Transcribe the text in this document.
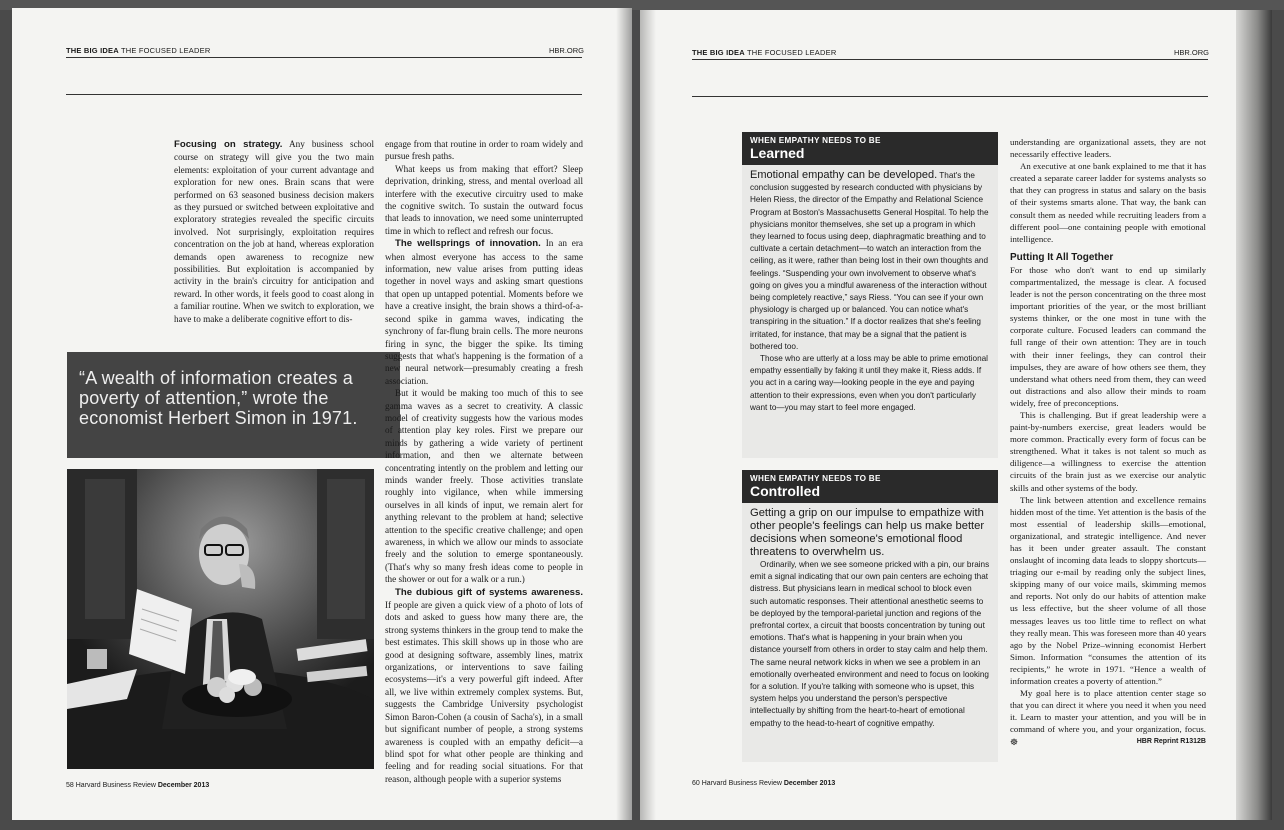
THE BIG IDEA THE FOCUSED LEADER	HBR.ORG

Focusing on strategy. Any business school course on strategy will give you the two main elements: exploitation of your current advantage and exploration for new ones. Brain scans that were performed on 63 seasoned business decision makers as they pursued or switched between exploitative and exploratory strategies revealed the specific circuits involved. Not surprisingly, exploitation requires concentration on the job at hand, whereas exploration demands open awareness to recognize new possibilities. But exploitation is accompanied by activity in the brain's circuitry for anticipation and reward. In other words, it feels good to coast along in a familiar routine. When we switch to exploration, we have to make a deliberate cognitive effort to dis-

“A wealth of information creates a poverty of attention,” wrote the economist Herbert Simon in 1971.

engage from that routine in order to roam widely and pursue fresh paths.

What keeps us from making that effort? Sleep deprivation, drinking, stress, and mental overload all interfere with the executive circuitry used to make the cognitive switch. To sustain the outward focus that leads to innovation, we need some uninterrupted time in which to reflect and refresh our focus.

The wellsprings of innovation. In an era when almost everyone has access to the same information, new value arises from putting ideas together in novel ways and asking smart questions that open up untapped potential. Moments before we have a creative insight, the brain shows a third-of-a-second spike in gamma waves, indicating the synchrony of far-flung brain cells. The more neurons firing in sync, the bigger the spike. Its timing suggests that what's happening is the formation of a new neural network—presumably creating a fresh association.

But it would be making too much of this to see gamma waves as a secret to creativity. A classic model of creativity suggests how the various modes of attention play key roles. First we prepare our minds by gathering a wide variety of pertinent information, and then we alternate between concentrating intently on the problem and letting our minds wander freely. Those activities translate roughly into vigilance, when while immersing ourselves in all kinds of input, we remain alert for anything relevant to the problem at hand; selective attention to the specific creative challenge; and open awareness, in which we allow our minds to associate freely and the solution to emerge spontaneously. (That's why so many fresh ideas come to people in the shower or out for a walk or a run.)

The dubious gift of systems awareness. If people are given a quick view of a photo of lots of dots and asked to guess how many there are, the strong systems thinkers in the group tend to make the best estimates. This skill shows up in those who are good at designing software, assembly lines, matrix organizations, or interventions to save failing ecosystems—it's a very powerful gift indeed. After all, we live within extremely complex systems. But, suggests the Cambridge University psychologist Simon Baron-Cohen (a cousin of Sacha's), in a small but significant number of people, a strong systems awareness is coupled with an empathy deficit—a blind spot for what other people are thinking and feeling and for reading social situations. For that reason, although people with a superior systems

58 Harvard Business Review December 2013
THE BIG IDEA THE FOCUSED LEADER	HBR.ORG
WHEN EMPATHY NEEDS TO BE
Learned

Emotional empathy can be developed. That's the conclusion suggested by research conducted with physicians by Helen Riess, the director of the Empathy and Relational Science Program at Boston's Massachusetts General Hospital. To help the physicians monitor themselves, she set up a program in which they learned to focus using deep, diaphragmatic breathing and to cultivate a certain detachment—to watch an interaction from the ceiling, as it were, rather than being lost in their own thoughts and feelings. “Suspending your own involvement to observe what's going on gives you a mindful awareness of the interaction without being completely reactive,” says Riess. “You can see if your own physiology is charged up or balanced. You can notice what's transpiring in the situation.” If a doctor realizes that she's feeling irritated, for instance, that may be a signal that the patient is bothered too.

Those who are utterly at a loss may be able to prime emotional empathy essentially by faking it until they make it, Riess adds. If you act in a caring way—looking people in the eye and paying attention to their expressions, even when you don't particularly want to—you may start to feel more engaged.

WHEN EMPATHY NEEDS TO BE
Controlled

Getting a grip on our impulse to empathize with other people's feelings can help us make better decisions when someone's emotional flood threatens to overwhelm us.

Ordinarily, when we see someone pricked with a pin, our brains emit a signal indicating that our own pain centers are echoing that distress. But physicians learn in medical school to block even such automatic responses. Their attentional anesthetic seems to be deployed by the temporal-parietal junction and regions of the prefrontal cortex, a circuit that boosts concentration by tuning out emotions. That's what is happening in your brain when you distance yourself from others in order to stay calm and help them. The same neural network kicks in when we see a problem in an emotionally overheated environment and need to focus on looking for a solution. If you're talking with someone who is upset, this system helps you understand the person's perspective intellectually by shifting from the heart-to-heart of emotional empathy to the head-to-heart of cognitive empathy.

understanding are organizational assets, they are not necessarily effective leaders.

An executive at one bank explained to me that it has created a separate career ladder for systems analysts so that they can progress in status and salary on the basis of their systems smarts alone. That way, the bank can consult them as needed while recruiting leaders from a different pool—one containing people with emotional intelligence.

Putting It All Together

For those who don't want to end up similarly compartmentalized, the message is clear. A focused leader is not the person concentrating on the three most important priorities of the year, or the most brilliant systems thinker, or the one most in tune with the corporate culture. Focused leaders can command the full range of their own attention: They are in touch with their inner feelings, they can control their impulses, they are aware of how others see them, they understand what others need from them, they can weed out distractions and also allow their minds to roam widely, free of preconceptions.

This is challenging. But if great leadership were a paint-by-numbers exercise, great leaders would be more common. Practically every form of focus can be strengthened. What it takes is not talent so much as diligence—a willingness to exercise the attention circuits of the brain just as we exercise our analytic skills and other systems of the body.

The link between attention and excellence remains hidden most of the time. Yet attention is the basis of the most essential of leadership skills—emotional, organizational, and strategic intelligence. And never has it been under greater assault. The constant onslaught of incoming data leads to sloppy shortcuts—triaging our e-mail by reading only the subject lines, skipping many of our voice mails, skimming memos and reports. Not only do our habits of attention make us less effective, but the sheer volume of all those messages leaves us too little time to reflect on what they really mean. This was foreseen more than 40 years ago by the Nobel Prize–winning economist Herbert Simon. Information “consumes the attention of its recipients,” he wrote in 1971. “Hence a wealth of information creates a poverty of attention.”

My goal here is to place attention center stage so that you can direct it where you need it when you need it. Learn to master your attention, and you will be in command of where you, and your organization, focus. ☸	HBR Reprint R1312B

60 Harvard Business Review December 2013
